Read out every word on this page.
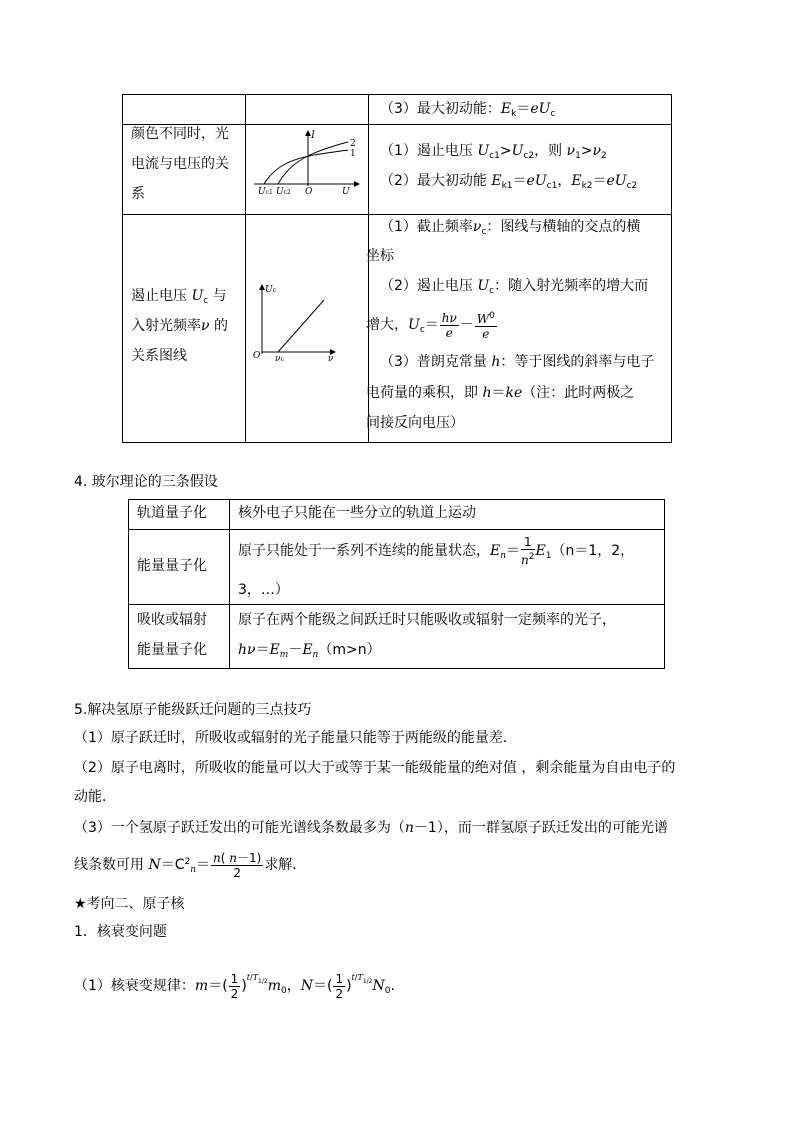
（3）最大初动能：$E_k=eU_c$
颜色不同时，光
电流与电压的关
系
I
2
1
Uc1 Uc2 O	U
（1）遏止电压 $U_{c1}>U_{c2}$，则 $\nu_1>\nu_2$
（2）最大初动能 $E_{k1}=eU_{c1}$，$E_{k2}=eU_{c2}$
遏止电压 $U_c$ 与
入射光频率ν 的
关系图线
Uc
O νc	ν
（1）截止频率$\nu_c$：图线与横轴的交点的横
坐标
（2）遏止电压 $U_c$：随入射光频率的增大而
增大，$U_c= \frac{h\nu}{e} - \frac{W^0}{e}$
（3）普朗克常量 h：等于图线的斜率与电子
电荷量的乘积，即 h＝ke（注：此时两极之
间接反向电压）
4. 玻尔理论的三条假设
轨道量子化 核外电子只能在一些分立的轨道上运动
能量量子化
原子只能处于一系列不连续的能量状态，$E_n= \frac{1}{n^2} E_1(n=1$，2，
3，…）
吸收或辐射
能量量子化
原子在两个能级之间跃迁时只能吸收或辐射一定频率的光子，
$h\nu=E_m-E_n(m>n)$
5.解决氢原子能级跃迁问题的三点技巧
（1）原子跃迁时，所吸收或辐射的光子能量只能等于两能级的能量差．
（2）原子电离时，所吸收的能量可以大于或等于某一能级能量的绝对值 ，剩余能量为自由电子的
动能．
（3）一个氢原子跃迁发出的可能光谱线条数最多为（n－1），而一群氢原子跃迁发出的可能光谱
线条数可用 $N=C^2_n= \frac{n( n-1)}{2}$ 求解．
★考向二、原子核
1．核衰变问题
（1）核衰变规律：$m=( \frac{1}{2} )^{t/T_{1/2}}m_0$，$N=( \frac{1}{2} )^{t/T_{1/2}}N_0$.
